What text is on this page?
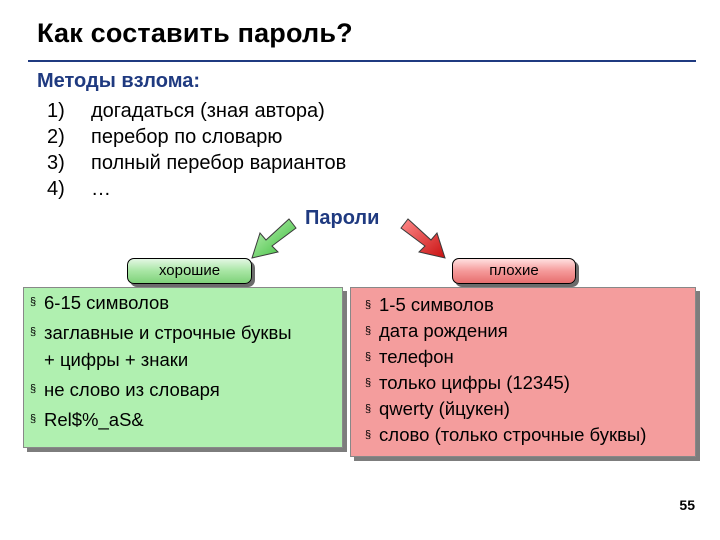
Как составить пароль?
Методы взлома:
1)	догадаться (зная автора)
2)	перебор по словарю
3)	полный перебор вариантов
4)	…
Пароли
§ 6-15 символов
§ заглавные и строчные буквы
+ цифры + знаки
§ не слово из словаря
§ Rel$%_aS&
§ 1-5 символов
§ дата рождения
§ телефон
§ только цифры (12345)
§ qwerty (йцукен)
§ слово (только строчные буквы)
хорошие	плохие
55
